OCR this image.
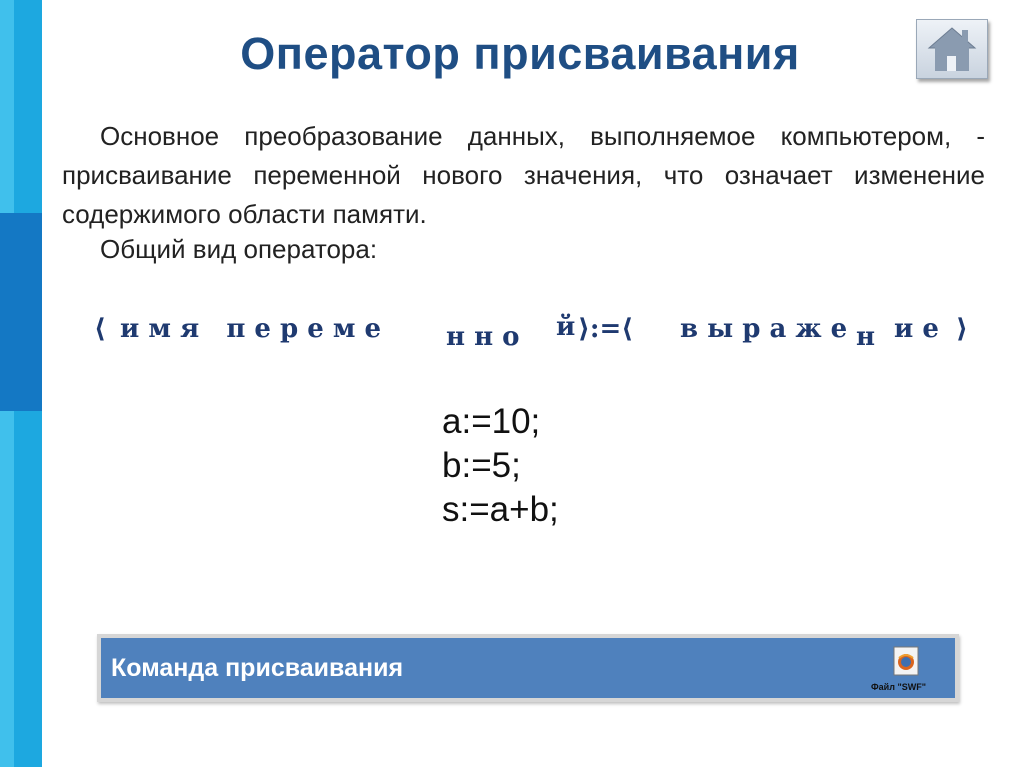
Оператор присваивания

Основное преобразование данных, выполняемое компьютером, - присваивание переменной нового значения, что означает изменение содержимого области памяти.

Общий вид оператора:

⟨ и м я   п е р е м е н н о й ⟩:=⟨ в ы р а ж е н и е ⟩
a:=10;
b:=5;
s:=a+b;
Команда присваивания
Файл "SWF"
